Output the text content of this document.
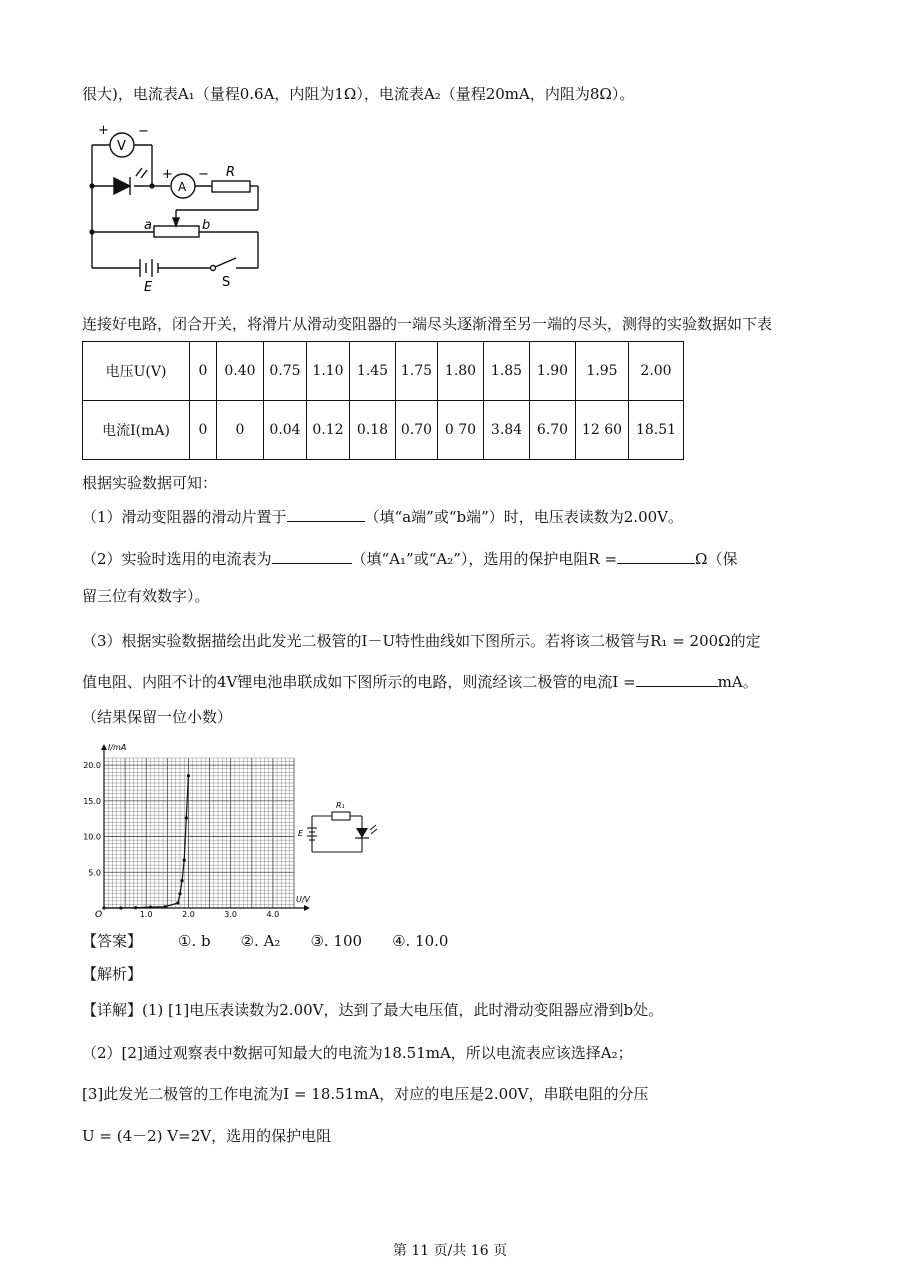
很大)，电流表A₁（量程0.6A，内阻为1Ω），电流表A₂（量程20mA，内阻为8Ω）。
+ −
V
+ −
A
R
a	b
E	S
连接好电路，闭合开关，将滑片从滑动变阻器的一端尽头逐渐滑至另一端的尽头，测得的实验数据如下表
电压U(V)	0	0.40	0.75	1.10	1.45	1.75	1.80	1.85	1.90	1.95	2.00
电流I(mA)	0	0	0.04	0.12	0.18	0.70	0 70	3.84	6.70	12 60	18.51
根据实验数据可知：
（1）滑动变阻器的滑动片置于	（填“a端”或“b端”）时，电压表读数为2.00V。
（2）实验时选用的电流表为	（填“A₁”或“A₂”），选用的保护电阻R =	Ω（保
留三位有效数字）。
（3）根据实验数据描绘出此发光二极管的I－U特性曲线如下图所示。若将该二极管与R₁ = 200Ω的定
值电阻、内阻不计的4V锂电池串联成如下图所示的电路，则流经该二极管的电流I =	mA。
（结果保留一位小数）
1.0	2.0	3.0	4.0
5.0
10.0
15.0
20.0
I/mA
U/V
O
R₁
E
【答案】 ①. b ②. A₂ ③. 100 ④. 10.0
【解析】
【详解】(1) [1]电压表读数为2.00V，达到了最大电压值，此时滑动变阻器应滑到b处。
（2）[2]通过观察表中数据可知最大的电流为18.51mA，所以电流表应该选择A₂；
[3]此发光二极管的工作电流为I = 18.51mA，对应的电压是2.00V，串联电阻的分压
U = (4－2) V=2V，选用的保护电阻
第 11 页/共 16 页
